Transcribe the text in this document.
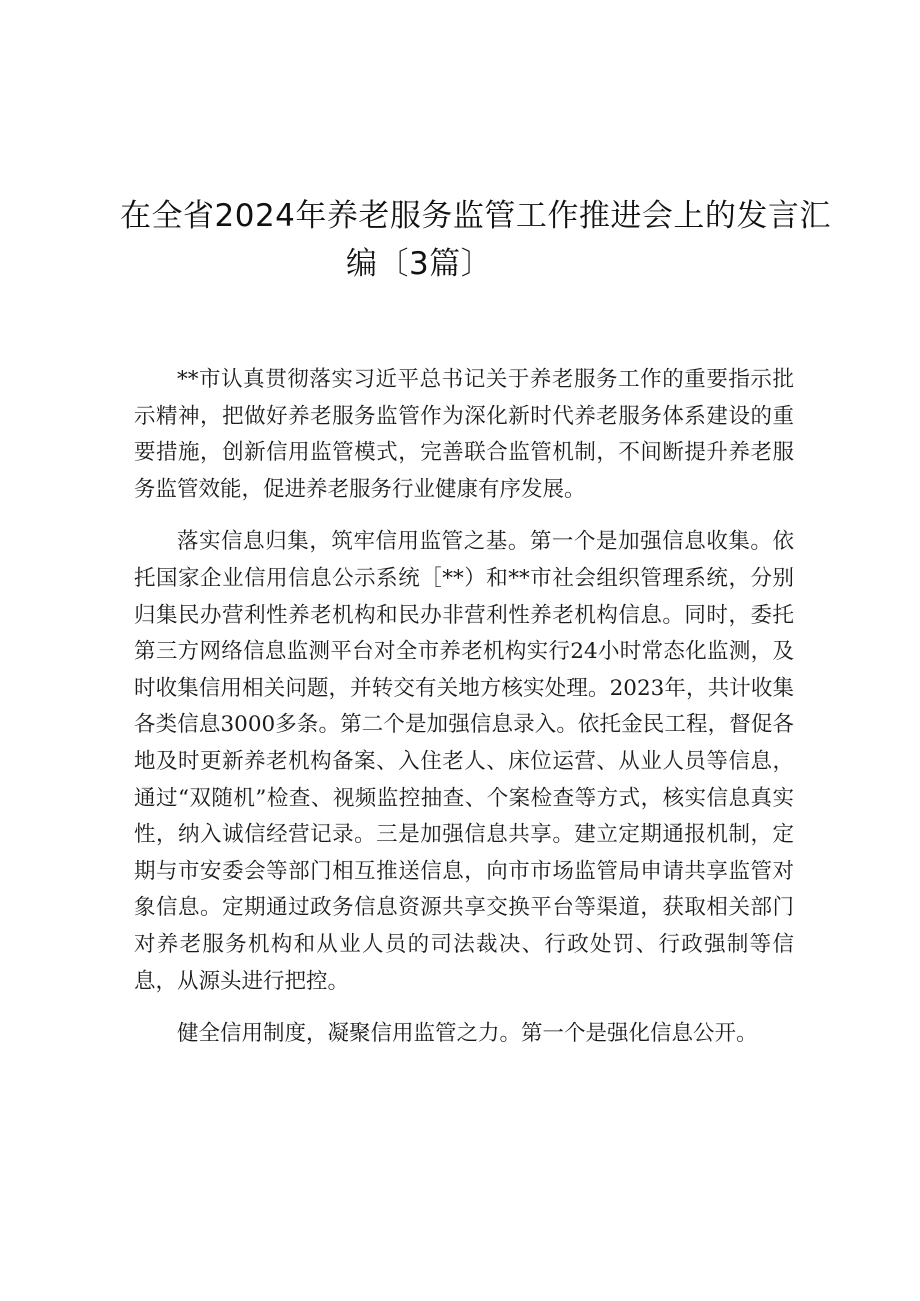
在全省2024年养老服务监管工作推进会上的发言汇
编〔3篇〕

**市认真贯彻落实习近平总书记关于养老服务工作的重要指示批示精神，把做好养老服务监管作为深化新时代养老服务体系建设的重要措施，创新信用监管模式，完善联合监管机制，不间断提升养老服务监管效能，促进养老服务行业健康有序发展。

落实信息归集，筑牢信用监管之基。第一个是加强信息收集。依托国家企业信用信息公示系统［**）和**市社会组织管理系统，分别归集民办营利性养老机构和民办非营利性养老机构信息。同时，委托第三方网络信息监测平台对全市养老机构实行24小时常态化监测，及时收集信用相关问题，并转交有关地方核实处理。2023年，共计收集各类信息3000多条。第二个是加强信息录入。依托金民工程，督促各地及时更新养老机构备案、入住老人、床位运营、从业人员等信息，通过“双随机”检查、视频监控抽查、个案检查等方式，核实信息真实性，纳入诚信经营记录。三是加强信息共享。建立定期通报机制，定期与市安委会等部门相互推送信息，向市市场监管局申请共享监管对象信息。定期通过政务信息资源共享交换平台等渠道，获取相关部门对养老服务机构和从业人员的司法裁决、行政处罚、行政强制等信息，从源头进行把控。

健全信用制度，凝聚信用监管之力。第一个是强化信息公开。
